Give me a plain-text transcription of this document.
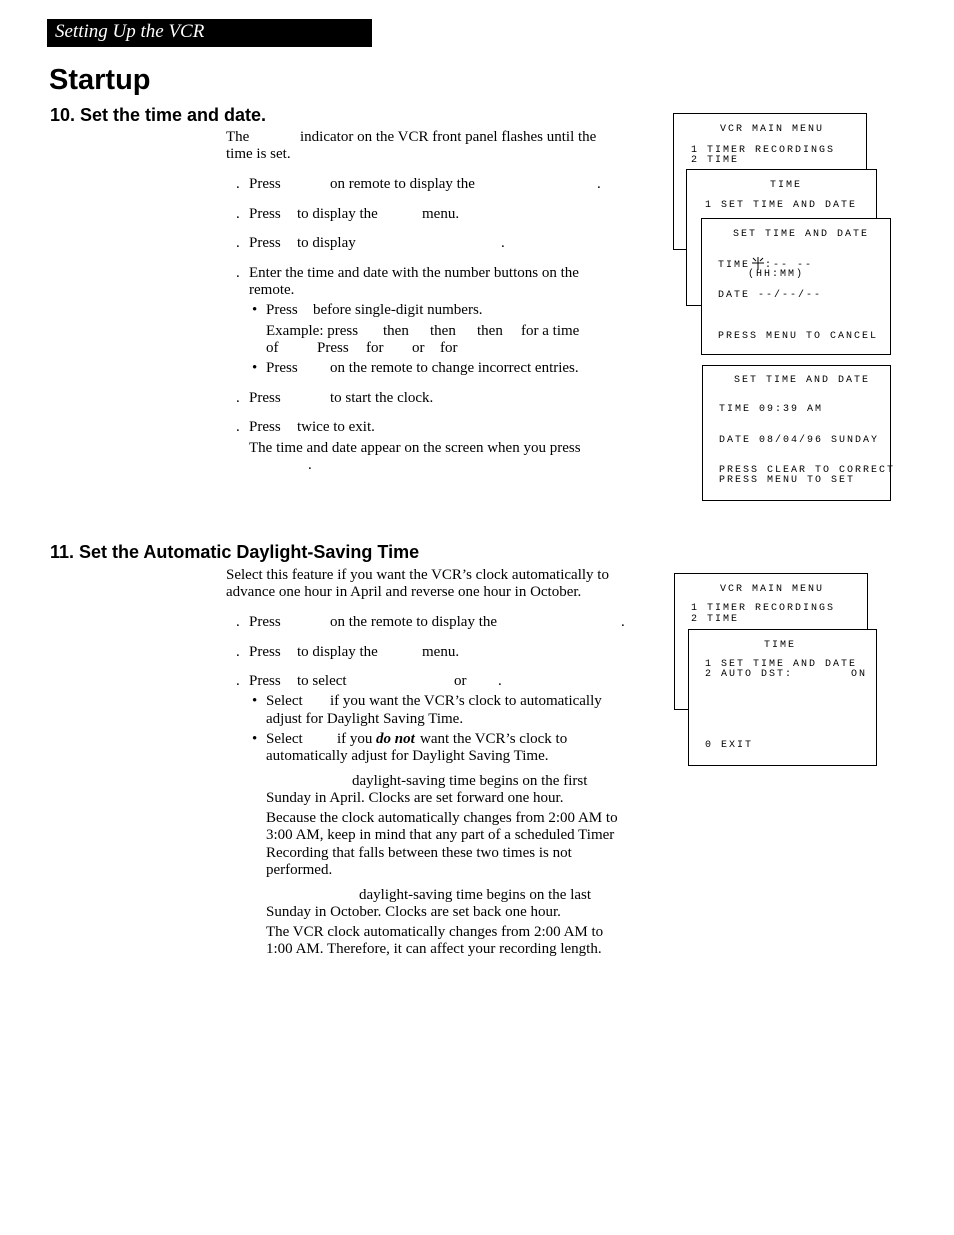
Setting Up the VCR
Startup
10. Set the time and date.
The	indicator on the VCR front panel flashes until the
time is set.
. Press	on remote to display the	.
. Press to display the	menu.
. Press to display	.
. Enter the time and date with the number buttons on the
remote.
• Press before single-digit numbers.
Example: press then then then for a time
of	Press for or for
• Press on the remote to change incorrect entries.
. Press	to start the clock.
. Press twice to exit.
The time and date appear on the screen when you press
.
VCR MAIN MENU
1 TIMER RECORDINGS
2 TIME
TIME
1 SET TIME AND DATE
SET TIME AND DATE
TIME :-- --
(HH:MM)
DATE --/--/--
PRESS MENU TO CANCEL
SET TIME AND DATE
TIME 09:39 AM
DATE 08/04/96 SUNDAY
PRESS CLEAR TO CORRECT
PRESS MENU TO SET
11. Set the Automatic Daylight-Saving Time
Select this feature if you want the VCR’s clock automatically to
advance one hour in April and reverse one hour in October.
. Press	on the remote to display the	.
. Press to display the	menu.
. Press to select	or .
• Select if you want the VCR’s clock to automatically
adjust for Daylight Saving Time.
• Select if you do not want the VCR’s clock to
automatically adjust for Daylight Saving Time.
daylight-saving time begins on the first
Sunday in April. Clocks are set forward one hour.
Because the clock automatically changes from 2:00 AM to
3:00 AM, keep in mind that any part of a scheduled Timer
Recording that falls between these two times is not
performed.
daylight-saving time begins on the last
Sunday in October. Clocks are set back one hour.
The VCR clock automatically changes from 2:00 AM to
1:00 AM. Therefore, it can affect your recording length.
VCR MAIN MENU
1 TIMER RECORDINGS
2 TIME
TIME
1 SET TIME AND DATE
2 AUTO DST:	ON
0 EXIT
